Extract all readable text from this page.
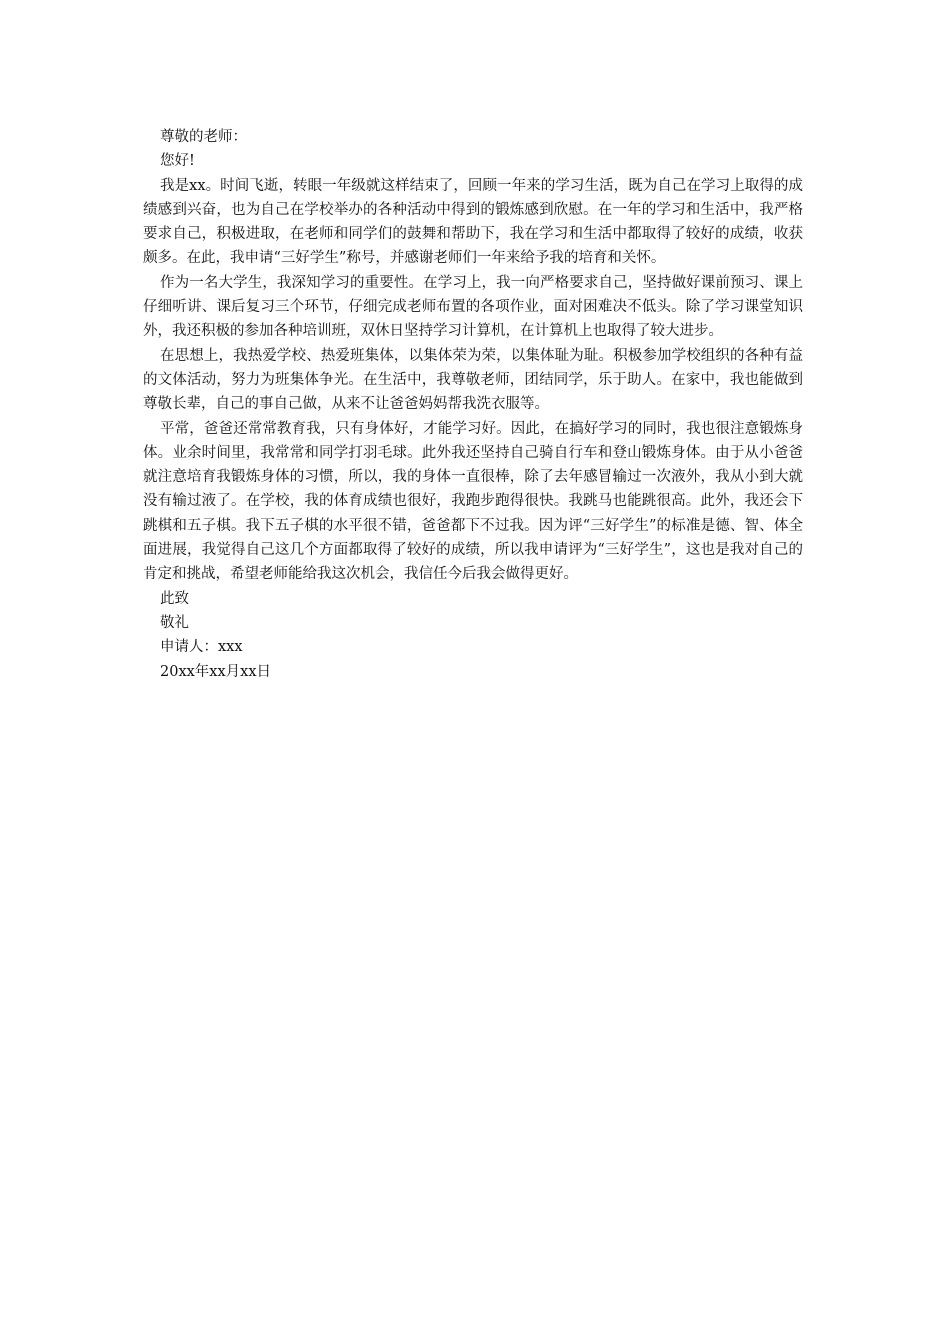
尊敬的老师：

您好!

我是xx。时间飞逝，转眼一年级就这样结束了，回顾一年来的学习生活，既为自己在学习上取得的成绩感到兴奋，也为自己在学校举办的各种活动中得到的锻炼感到欣慰。在一年的学习和生活中，我严格要求自己，积极进取，在老师和同学们的鼓舞和帮助下，我在学习和生活中都取得了较好的成绩，收获颇多。在此，我申请“三好学生”称号，并感谢老师们一年来给予我的培育和关怀。

作为一名大学生，我深知学习的重要性。在学习上，我一向严格要求自己，坚持做好课前预习、课上仔细听讲、课后复习三个环节，仔细完成老师布置的各项作业，面对困难决不低头。除了学习课堂知识外，我还积极的参加各种培训班，双休日坚持学习计算机，在计算机上也取得了较大进步。

在思想上，我热爱学校、热爱班集体，以集体荣为荣，以集体耻为耻。积极参加学校组织的各种有益的文体活动，努力为班集体争光。在生活中，我尊敬老师，团结同学，乐于助人。在家中，我也能做到尊敬长辈，自己的事自己做，从来不让爸爸妈妈帮我洗衣服等。

平常，爸爸还常常教育我，只有身体好，才能学习好。因此，在搞好学习的同时，我也很注意锻炼身体。业余时间里，我常常和同学打羽毛球。此外我还坚持自己骑自行车和登山锻炼身体。由于从小爸爸就注意培育我锻炼身体的习惯，所以，我的身体一直很棒，除了去年感冒输过一次液外，我从小到大就没有输过液了。在学校，我的体育成绩也很好，我跑步跑得很快。我跳马也能跳很高。此外，我还会下跳棋和五子棋。我下五子棋的水平很不错，爸爸都下不过我。因为评“三好学生”的标准是德、智、体全面进展，我觉得自己这几个方面都取得了较好的成绩，所以我申请评为“三好学生”，这也是我对自己的肯定和挑战，希望老师能给我这次机会，我信任今后我会做得更好。

此致

敬礼

申请人：xxx

20xx年xx月xx日
